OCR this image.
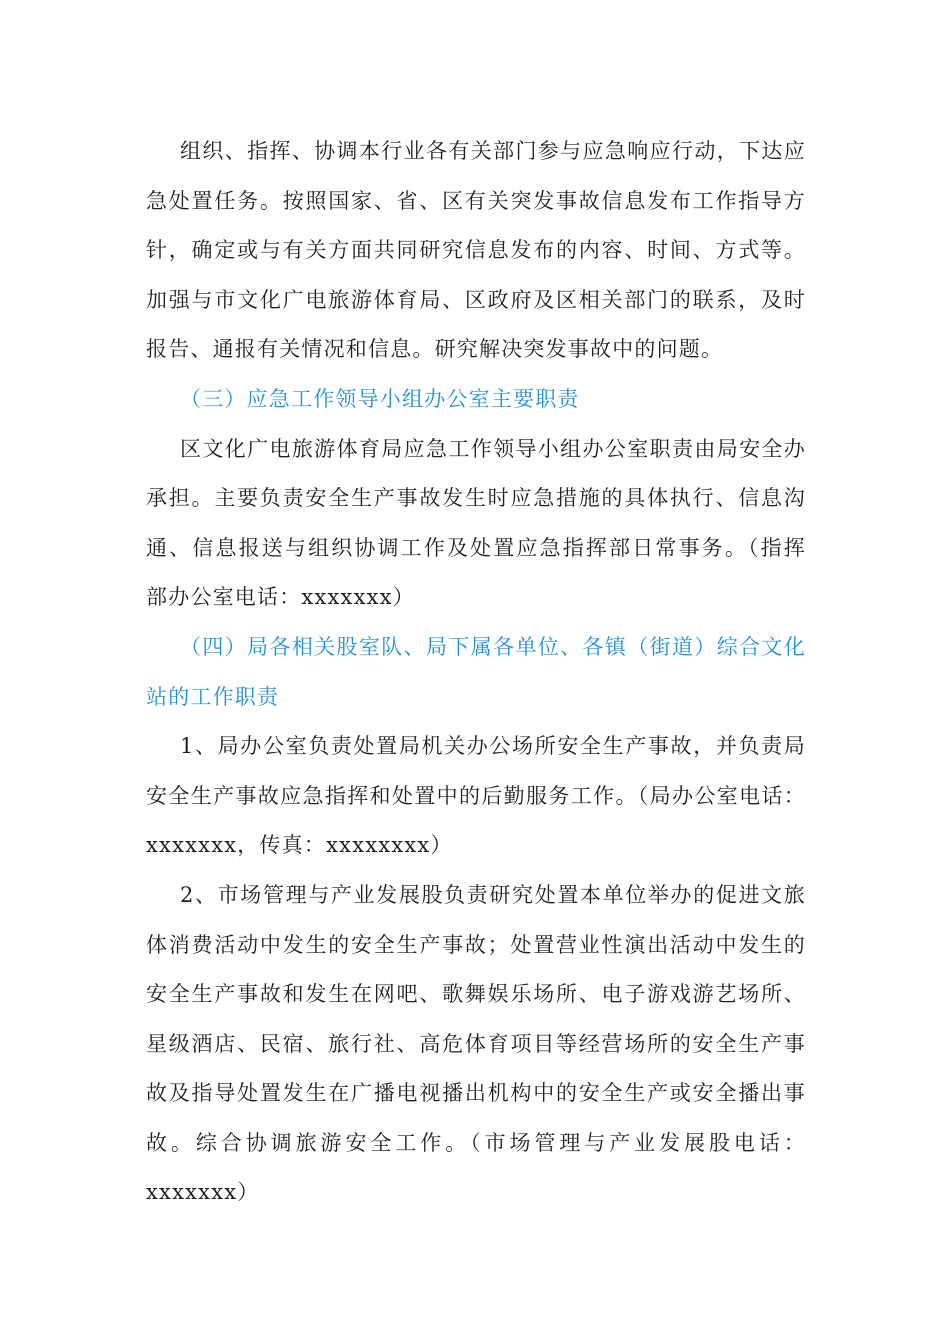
组织、指挥、协调本行业各有关部门参与应急响应行动，下达应
急处置任务。按照国家、省、区有关突发事故信息发布工作指导方
针，确定或与有关方面共同研究信息发布的内容、时间、方式等。
加强与市文化广电旅游体育局、区政府及区相关部门的联系，及时
报告、通报有关情况和信息。研究解决突发事故中的问题。
（三）应急工作领导小组办公室主要职责
区文化广电旅游体育局应急工作领导小组办公室职责由局安全办
承担。主要负责安全生产事故发生时应急措施的具体执行、信息沟
通、信息报送与组织协调工作及处置应急指挥部日常事务。（指挥
部办公室电话：xxxxxxx）
（四）局各相关股室队、局下属各单位、各镇（街道）综合文化
站的工作职责
1、局办公室负责处置局机关办公场所安全生产事故，并负责局
安全生产事故应急指挥和处置中的后勤服务工作。（局办公室电话：
xxxxxxx，传真：xxxxxxxx）
2、市场管理与产业发展股负责研究处置本单位举办的促进文旅
体消费活动中发生的安全生产事故；处置营业性演出活动中发生的
安全生产事故和发生在网吧、歌舞娱乐场所、电子游戏游艺场所、
星级酒店、民宿、旅行社、高危体育项目等经营场所的安全生产事
故及指导处置发生在广播电视播出机构中的安全生产或安全播出事
故。综合协调旅游安全工作。（市场管理与产业发展股电话：
xxxxxxx）
